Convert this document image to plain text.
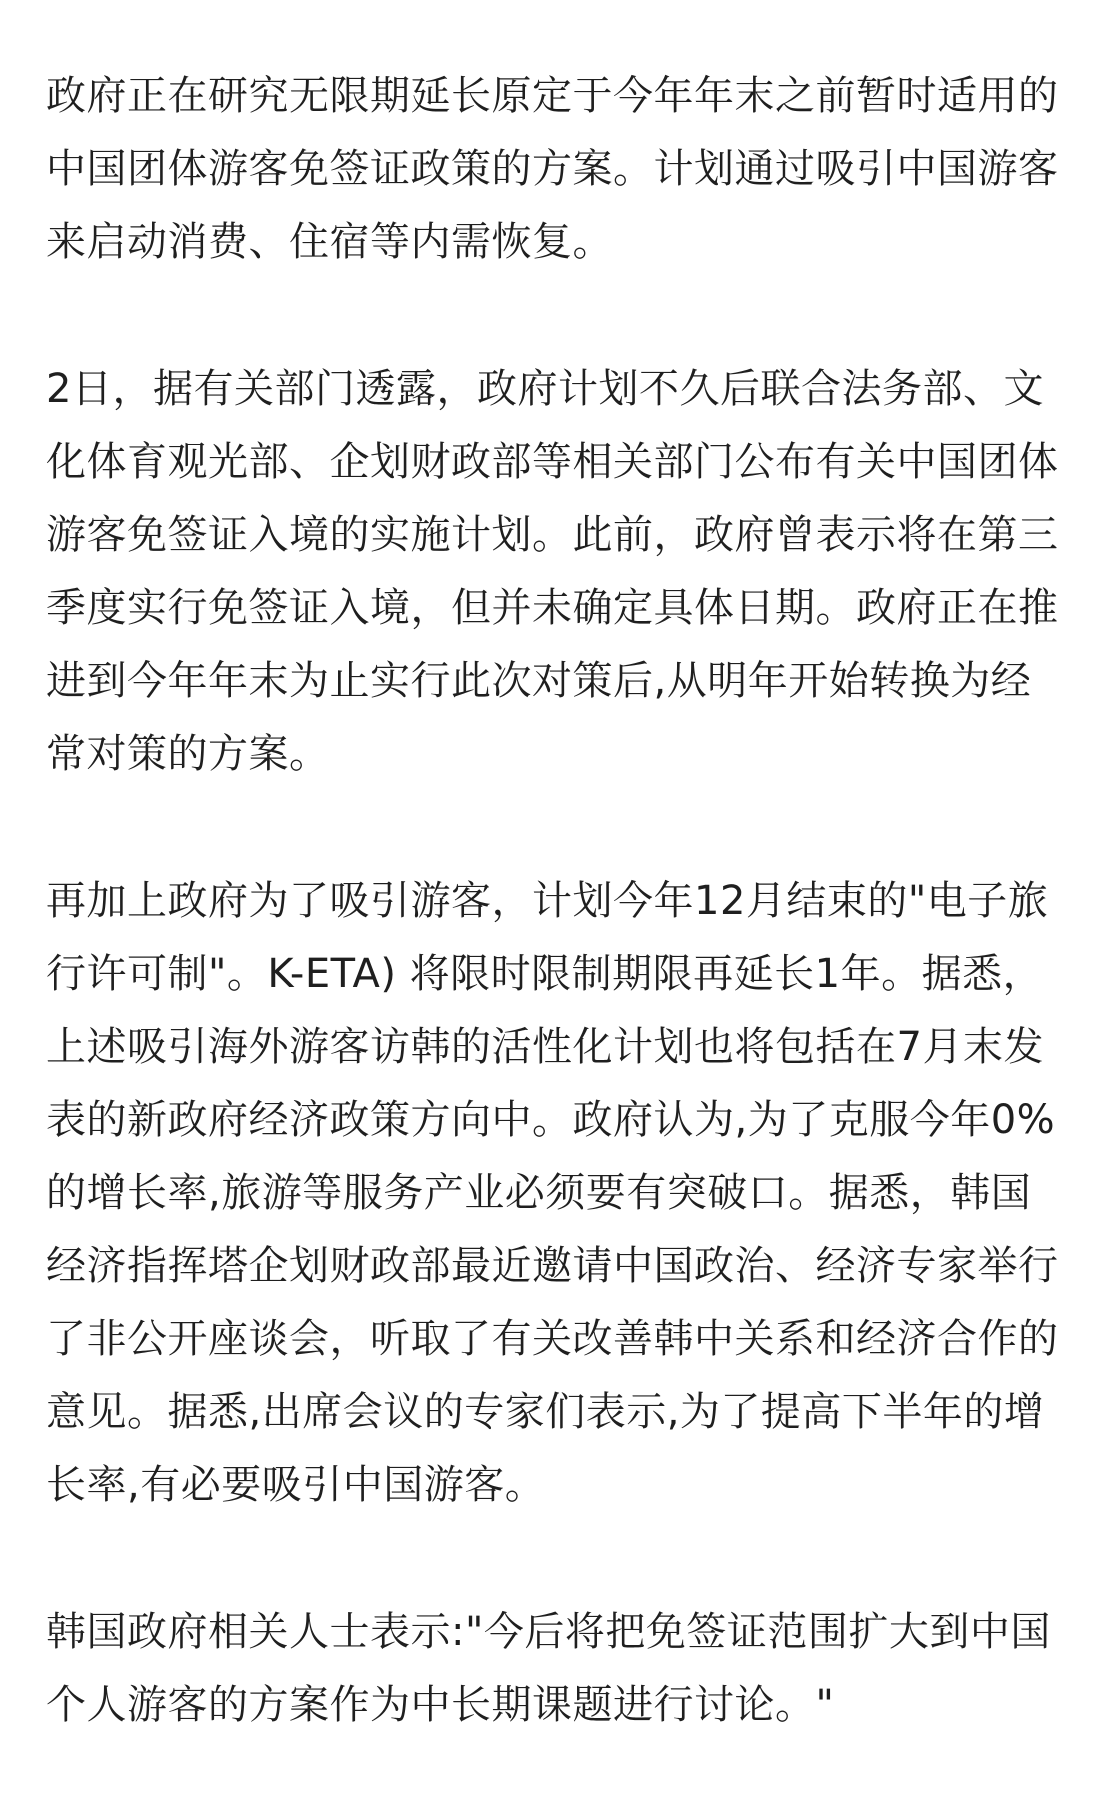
政府正在研究无限期延长原定于今年年末之前暂时适用的中国团体游客免签证政策的方案。计划通过吸引中国游客来启动消费、住宿等内需恢复。

2日，据有关部门透露，政府计划不久后联合法务部、文化体育观光部、企划财政部等相关部门公布有关中国团体游客免签证入境的实施计划。此前，政府曾表示将在第三季度实行免签证入境，但并未确定具体日期。政府正在推进到今年年末为止实行此次对策后,从明年开始转换为经常对策的方案。

再加上政府为了吸引游客，计划今年12月结束的"电子旅行许可制"。K-ETA) 将限时限制期限再延长1年。据悉，上述吸引海外游客访韩的活性化计划也将包括在7月末发表的新政府经济政策方向中。政府认为,为了克服今年0%的增长率,旅游等服务产业必须要有突破口。据悉，韩国经济指挥塔企划财政部最近邀请中国政治、经济专家举行了非公开座谈会，听取了有关改善韩中关系和经济合作的意见。据悉,出席会议的专家们表示,为了提高下半年的增长率,有必要吸引中国游客。

韩国政府相关人士表示:"今后将把免签证范围扩大到中国个人游客的方案作为中长期课题进行讨论。"
